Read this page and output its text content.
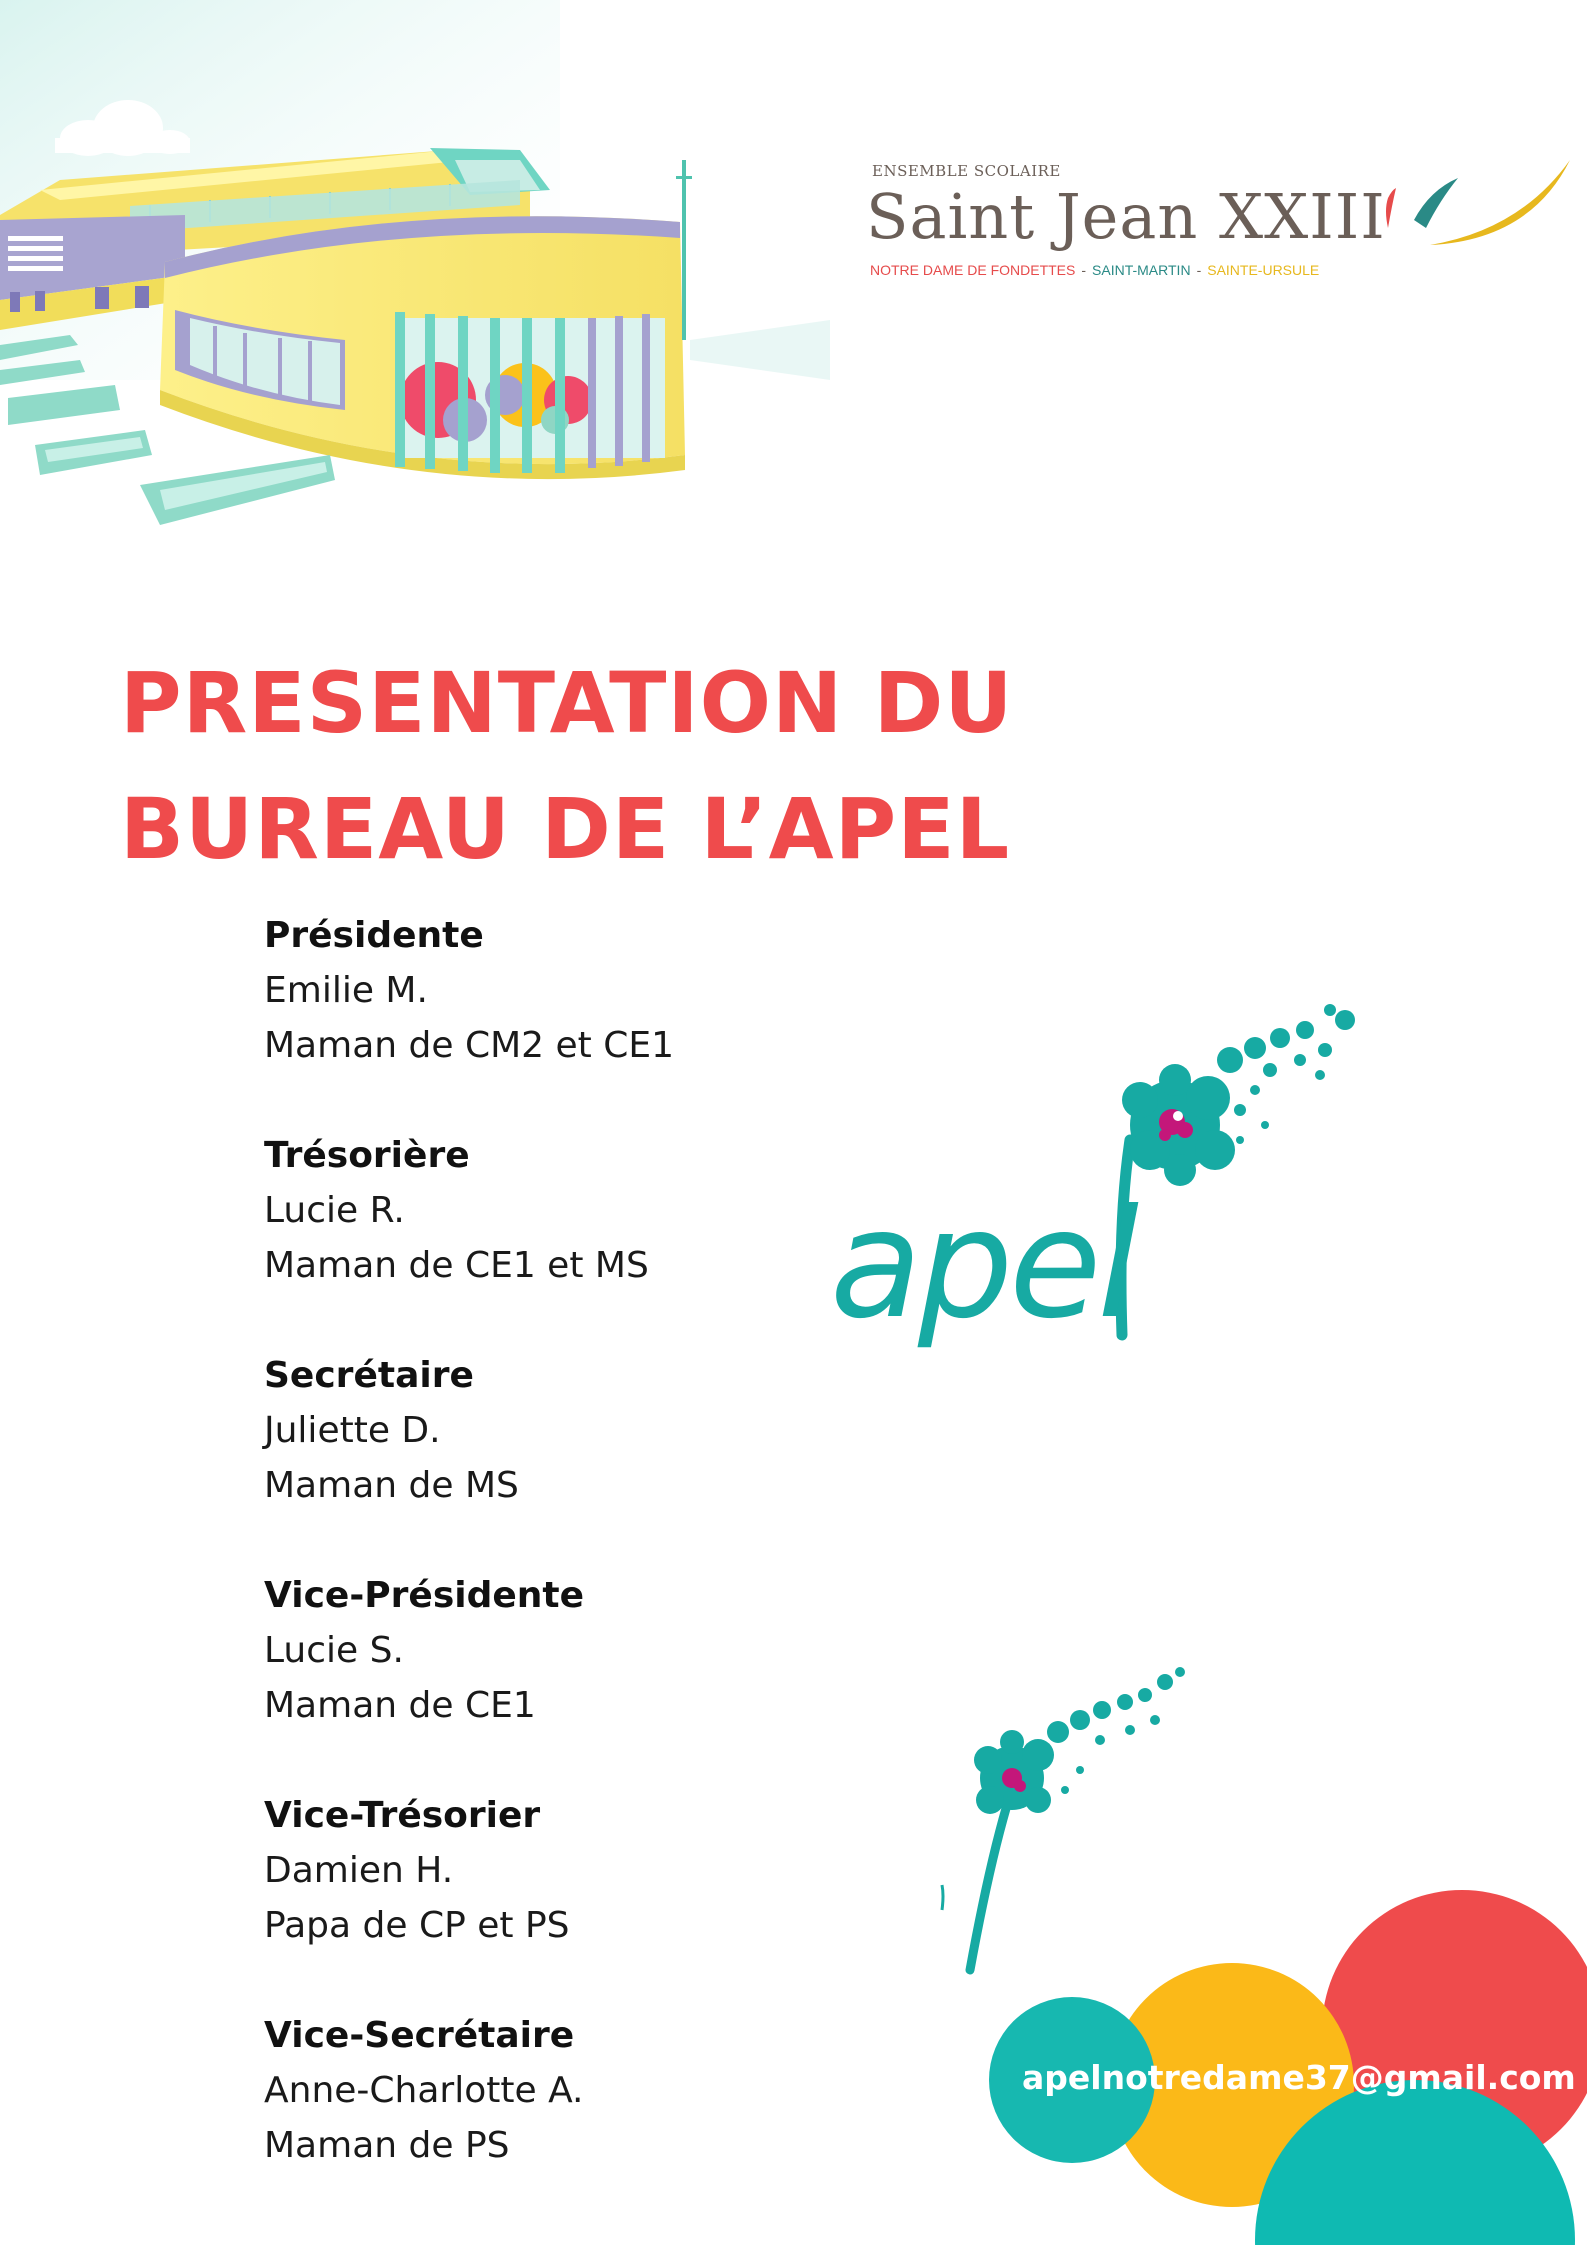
ENSEMBLE SCOLAIRE
Saint Jean XXIII
NOTRE DAME DE FONDETTES - SAINT-MARTIN - SAINTE-URSULE
PRESENTATION DU
BUREAU DE L’APEL
Présidente
Emilie M.
Maman de CM2 et CE1
Trésorière
Lucie R.
Maman de CE1 et MS
Secrétaire
Juliette D.
Maman de MS
Vice-Présidente
Lucie S.
Maman de CE1
Vice-Trésorier
Damien H.
Papa de CP et PS
Vice-Secrétaire
Anne-Charlotte A.
Maman de PS
apel
apelnotredame37@gmail.com
